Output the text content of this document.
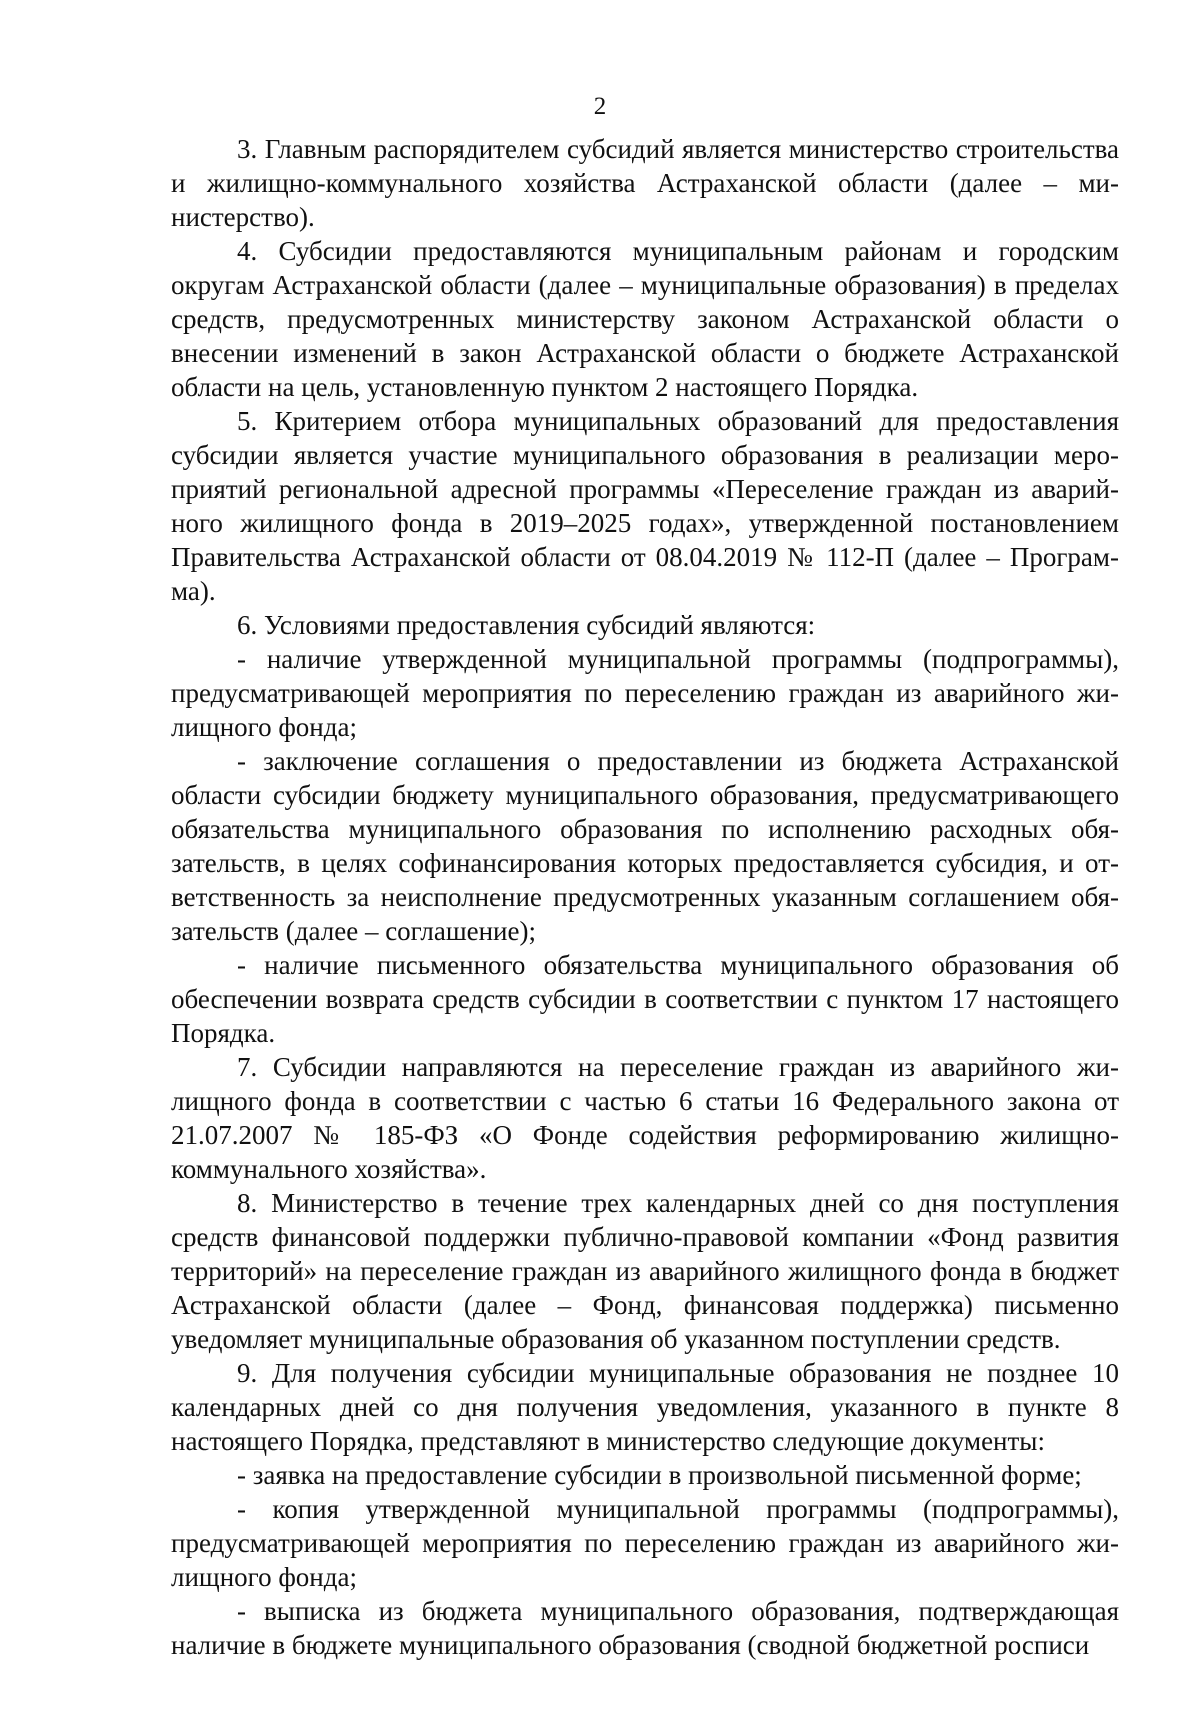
2

3. Главным распорядителем субсидий является министерство строительства и жилищно-коммунального хозяйства Астраханской области (далее – министерство).

4. Субсидии предоставляются муниципальным районам и городским округам Астраханской области (далее – муниципальные образования) в пределах средств, предусмотренных министерству законом Астраханской области о внесении изменений в закон Астраханской области о бюджете Астраханской области на цель, установленную пунктом 2 настоящего Порядка.

5. Критерием отбора муниципальных образований для предоставления субсидии является участие муниципального образования в реализации мероприятий региональной адресной программы «Переселение граждан из аварийного жилищного фонда в 2019–2025 годах», утвержденной постановлением Правительства Астраханской области от 08.04.2019 № 112-П (далее – Программа).

6. Условиями предоставления субсидий являются:

- наличие утвержденной муниципальной программы (подпрограммы), предусматривающей мероприятия по переселению граждан из аварийного жилищного фонда;

- заключение соглашения о предоставлении из бюджета Астраханской области субсидии бюджету муниципального образования, предусматривающего обязательства муниципального образования по исполнению расходных обязательств, в целях софинансирования которых предоставляется субсидия, и ответственность за неисполнение предусмотренных указанным соглашением обязательств (далее – соглашение);

- наличие письменного обязательства муниципального образования об обеспечении возврата средств субсидии в соответствии с пунктом 17 настоящего Порядка.

7. Субсидии направляются на переселение граждан из аварийного жилищного фонда в соответствии с частью 6 статьи 16 Федерального закона от 21.07.2007 № 185-ФЗ «О Фонде содействия реформированию жилищно-коммунального хозяйства».

8. Министерство в течение трех календарных дней со дня поступления средств финансовой поддержки публично-правовой компании «Фонд развития территорий» на переселение граждан из аварийного жилищного фонда в бюджет Астраханской области (далее – Фонд, финансовая поддержка) письменно уведомляет муниципальные образования об указанном поступлении средств.

9. Для получения субсидии муниципальные образования не позднее 10 календарных дней со дня получения уведомления, указанного в пункте 8 настоящего Порядка, представляют в министерство следующие документы:

- заявка на предоставление субсидии в произвольной письменной форме;

- копия утвержденной муниципальной программы (подпрограммы), предусматривающей мероприятия по переселению граждан из аварийного жилищного фонда;

- выписка из бюджета муниципального образования, подтверждающая наличие в бюджете муниципального образования (сводной бюджетной росписи
